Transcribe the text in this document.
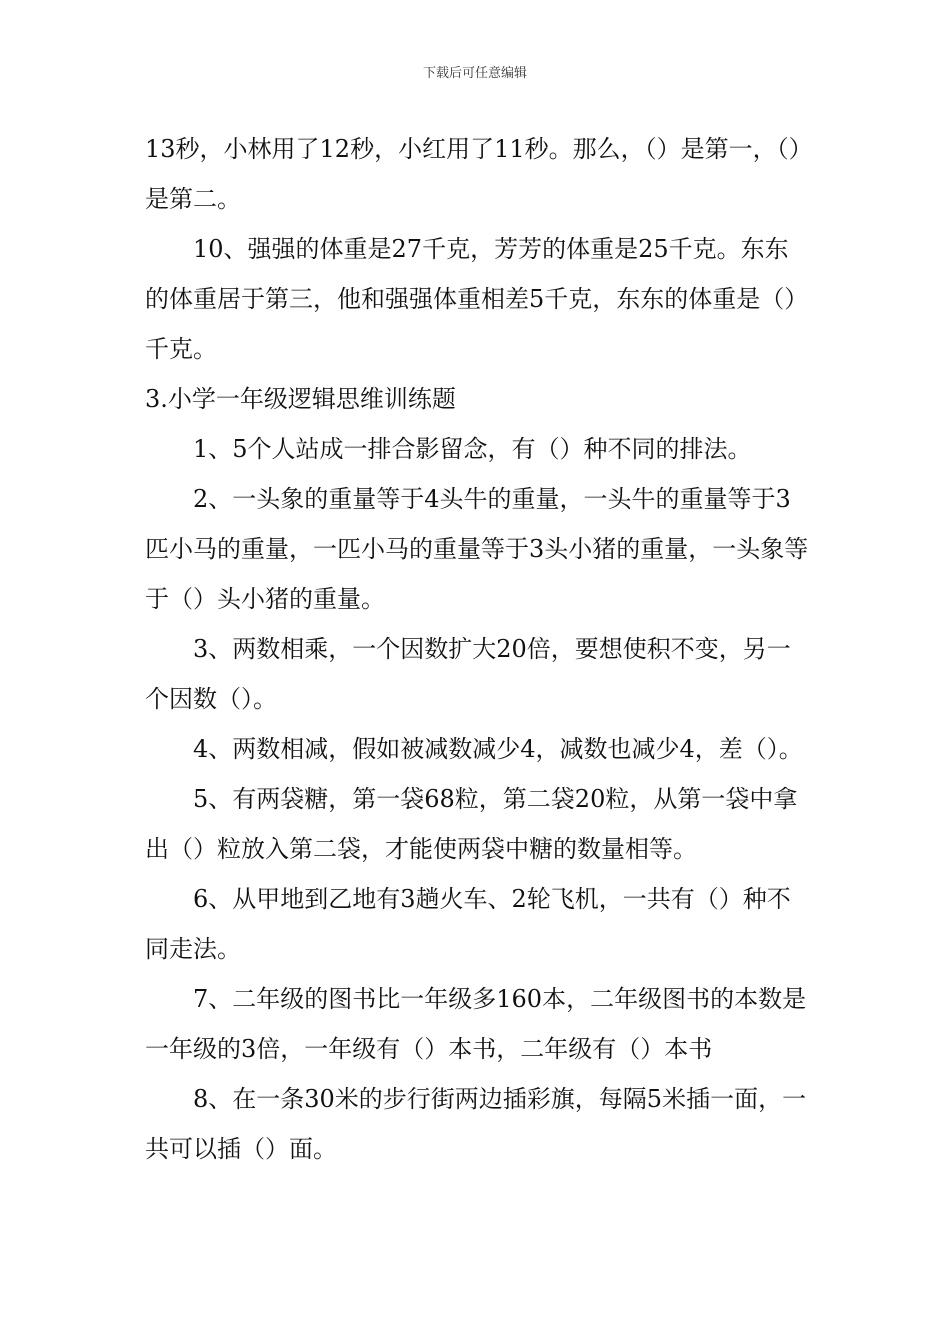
下载后可任意编辑

13秒，小林用了12秒，小红用了11秒。那么，（）是第一，（）是第二。

10、强强的体重是27千克，芳芳的体重是25千克。东东的体重居于第三，他和强强体重相差5千克，东东的体重是（）千克。

3.小学一年级逻辑思维训练题

1、5个人站成一排合影留念，有（）种不同的排法。

2、一头象的重量等于4头牛的重量，一头牛的重量等于3匹小马的重量，一匹小马的重量等于3头小猪的重量，一头象等于（）头小猪的重量。

3、两数相乘，一个因数扩大20倍，要想使积不变，另一个因数（）。

4、两数相减，假如被减数减少4，减数也减少4，差（）。

5、有两袋糖，第一袋68粒，第二袋20粒，从第一袋中拿出（）粒放入第二袋，才能使两袋中糖的数量相等。

6、从甲地到乙地有3趟火车、2轮飞机，一共有（）种不同走法。

7、二年级的图书比一年级多160本，二年级图书的本数是一年级的3倍，一年级有（）本书，二年级有（）本书

8、在一条30米的步行街两边插彩旗，每隔5米插一面，一共可以插（）面。
